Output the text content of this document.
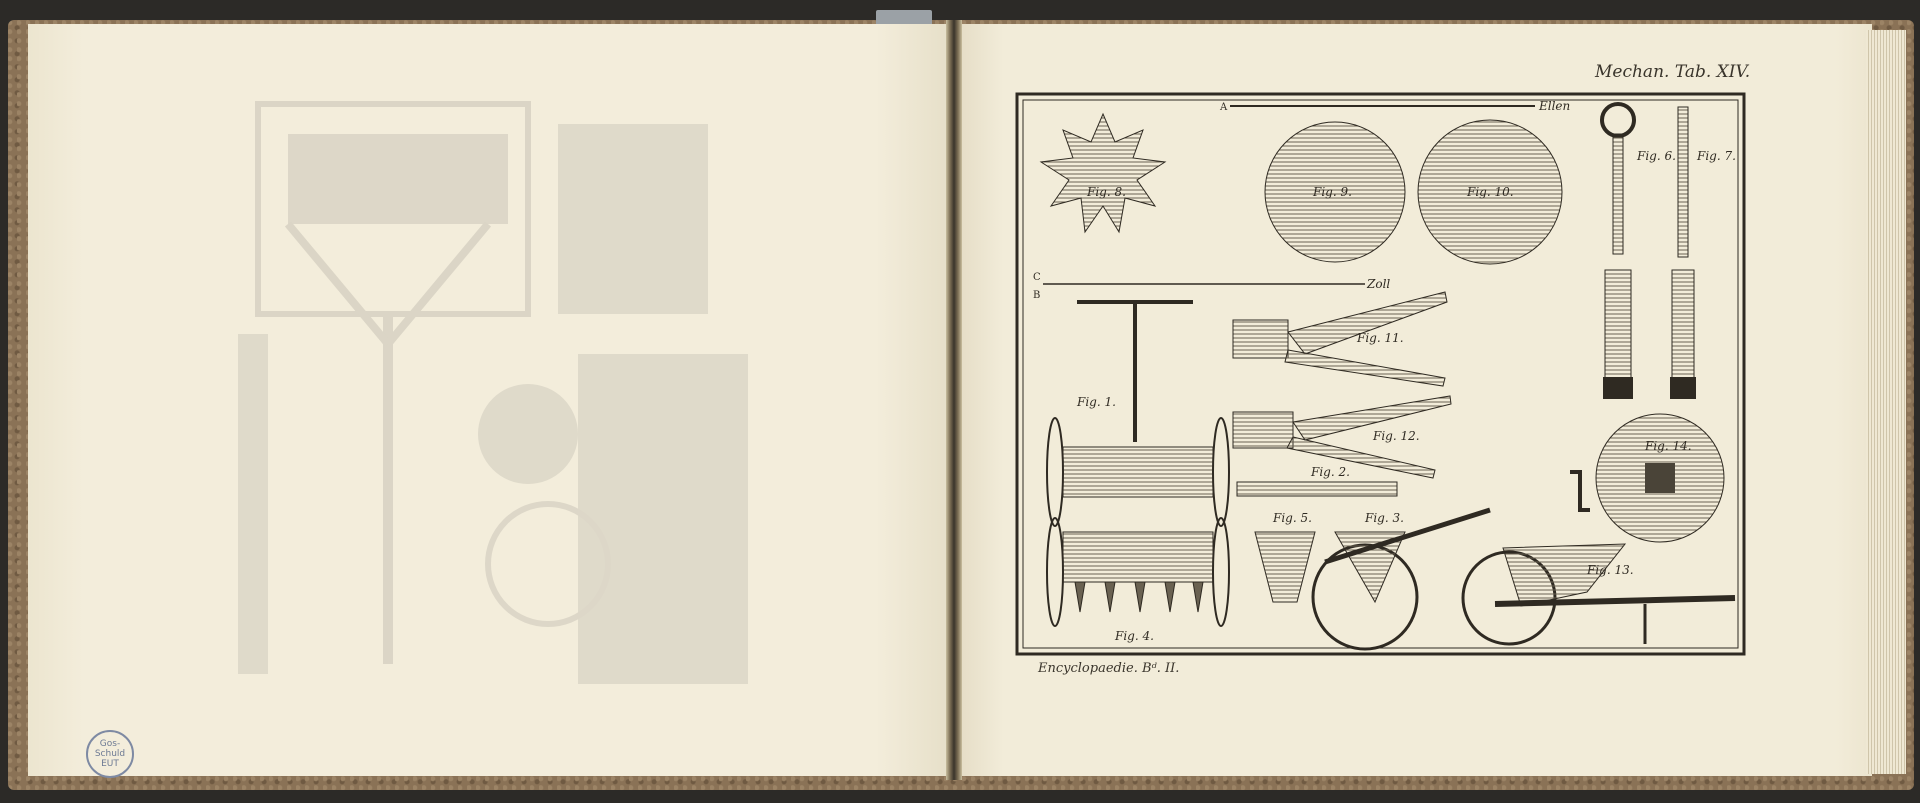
Gos-
Schuld
EUT
Mechan. Tab. XIV.
Encyclopaedie. Bᵈ. II.
A	Ellen
Fig. 8.	Fig. 9.	Fig. 10.
Fig. 6. Fig. 7.
C
B
Zoll
Fig. 11.
Fig. 12.
Fig. 2.
Fig. 1.
Fig. 4.
Fig. 5.	Fig. 3.
Fig. 13.
Fig. 14.
